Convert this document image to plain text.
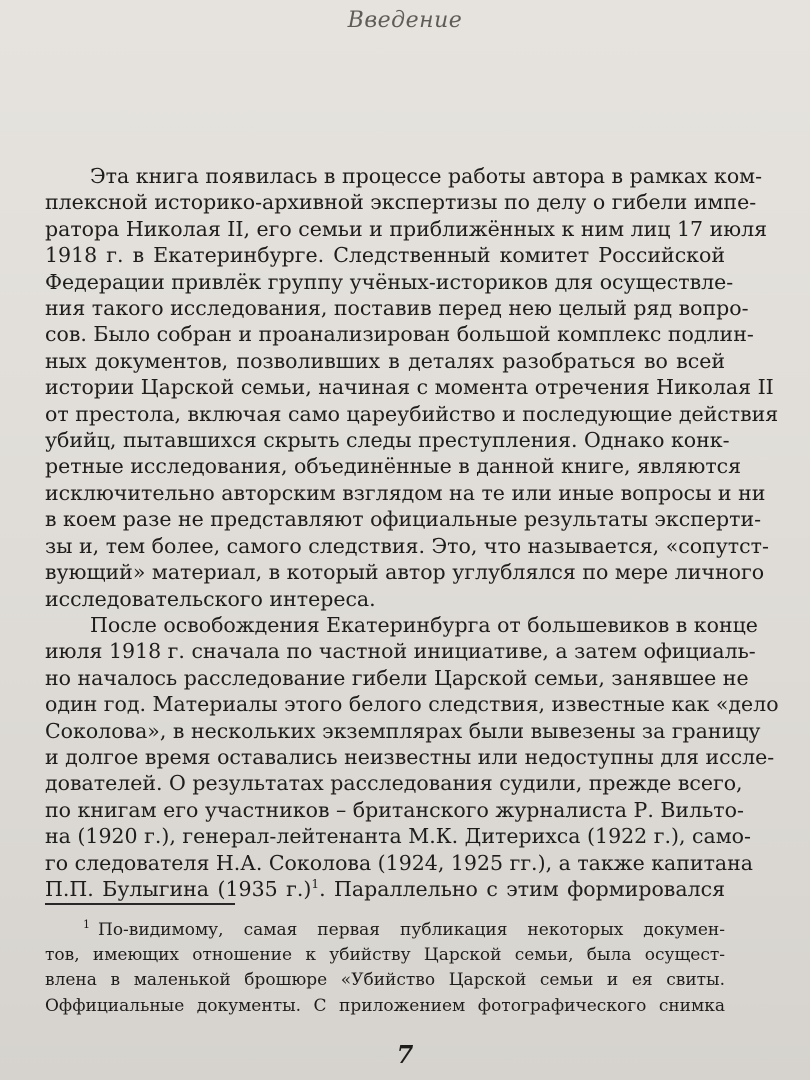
Введение
Эта книга появилась в процессе работы автора в рамках ком-
плексной историко-архивной экспертизы по делу о гибели импе-
ратора Николая II, его семьи и приближённых к ним лиц 17 июля
1918 г. в Екатеринбурге. Следственный комитет Российской
Федерации привлёк группу учёных-историков для осуществле-
ния такого исследования, поставив перед нею целый ряд вопро-
сов. Было собран и проанализирован большой комплекс подлин-
ных документов, позволивших в деталях разобраться во всей
истории Царской семьи, начиная с момента отречения Николая II
от престола, включая само цареубийство и последующие действия
убийц, пытавшихся скрыть следы преступления. Однако конк-
ретные исследования, объединённые в данной книге, являются
исключительно авторским взглядом на те или иные вопросы и ни
в коем разе не представляют официальные результаты эксперти-
зы и, тем более, самого следствия. Это, что называется, «сопутст-
вующий» материал, в который автор углублялся по мере личного
исследовательского интереса.
После освобождения Екатеринбурга от большевиков в конце
июля 1918 г. сначала по частной инициативе, а затем официаль-
но началось расследование гибели Царской семьи, занявшее не
один год. Материалы этого белого следствия, известные как «дело
Соколова», в нескольких экземплярах были вывезены за границу
и долгое время оставались неизвестны или недоступны для иссле-
дователей. О результатах расследования судили, прежде всего,
по книгам его участников – британского журналиста Р. Вильто-
на (1920 г.), генерал-лейтенанта М.К. Дитерихса (1922 г.), само-
го следователя Н.А. Соколова (1924, 1925 гг.), а также капитана
П.П. Булыгина (1935 г.)$^1$. Параллельно с этим формировался
$^1$ По-видимому, самая первая публикация некоторых докумен-
тов, имеющих отношение к убийству Царской семьи, была осущест-
влена в маленькой брошюре «Убийство Царской семьи и ея свиты.
Оффициальные документы. С приложением фотографического снимка
7
